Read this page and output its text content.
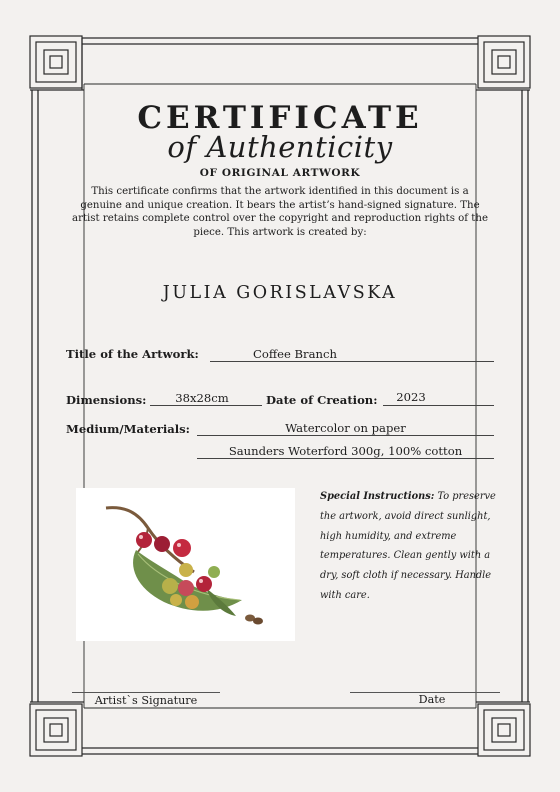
CERTIFICATE
of Authenticity
OF ORIGINAL ARTWORK
This certificate confirms that the artwork identified in this document is a genuine and unique creation. It bears the artist’s hand-signed signature. The artist retains complete control over the copyright and reproduction rights of the piece. This artwork is created by:
JULIA GORISLAVSKA
Title of the Artwork:	Coffee Branch
Dimensions:	38x28cm	Date of Creation:	2023
Medium/Materials:	Watercolor on paper
Saunders Woterford 300g, 100% cotton
Special Instructions: To preserve the artwork, avoid direct sunlight, high humidity, and extreme temperatures. Clean gently with a dry, soft cloth if necessary. Handle with care.
Artist`s Signature	Date
